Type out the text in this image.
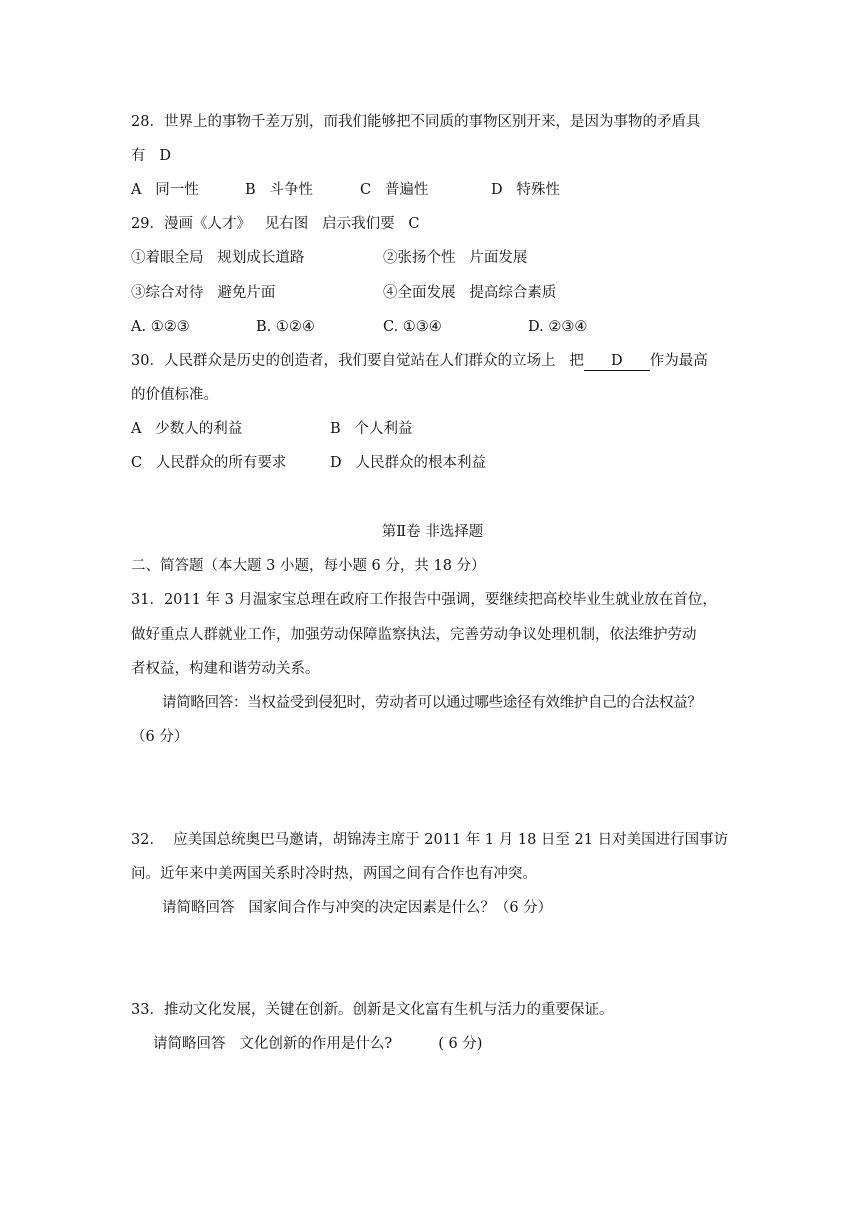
28．世界上的事物千差万别，而我们能够把不同质的事物区别开来，是因为事物的矛盾具
有   D
A   同一性	B   斗争性	C   普遍性	D   特殊性
29．漫画《人才》   见右图   启示我们要   C
①着眼全局   规划成长道路	②张扬个性   片面发展
③综合对待   避免片面	④全面发展   提高综合素质
A. ①②③	B. ①②④	C. ①③④	D. ②③④
30．人民群众是历史的创造者，我们要自觉站在人们群众的立场上   把 D 作为最高
的价值标准。
A   少数人的利益	B   个人利益
C   人民群众的所有要求	D   人民群众的根本利益
第Ⅱ卷 非选择题
二、简答题（本大题 3 小题，每小题 6 分，共 18 分）
31．2011 年 3 月温家宝总理在政府工作报告中强调，要继续把高校毕业生就业放在首位，
做好重点人群就业工作，加强劳动保障监察执法，完善劳动争议处理机制，依法维护劳动
者权益，构建和谐劳动关系。
请简略回答：当权益受到侵犯时，劳动者可以通过哪些途径有效维护自己的合法权益？
（6 分）
32．  应美国总统奥巴马邀请，胡锦涛主席于 2011 年 1 月 18 日至 21 日对美国进行国事访
问。近年来中美两国关系时冷时热，两国之间有合作也有冲突。
请简略回答   国家间合作与冲突的决定因素是什么？（6 分）
33．推动文化发展，关键在创新。创新是文化富有生机与活力的重要保证。
请简略回答   文化创新的作用是什么?          ( 6 分)
